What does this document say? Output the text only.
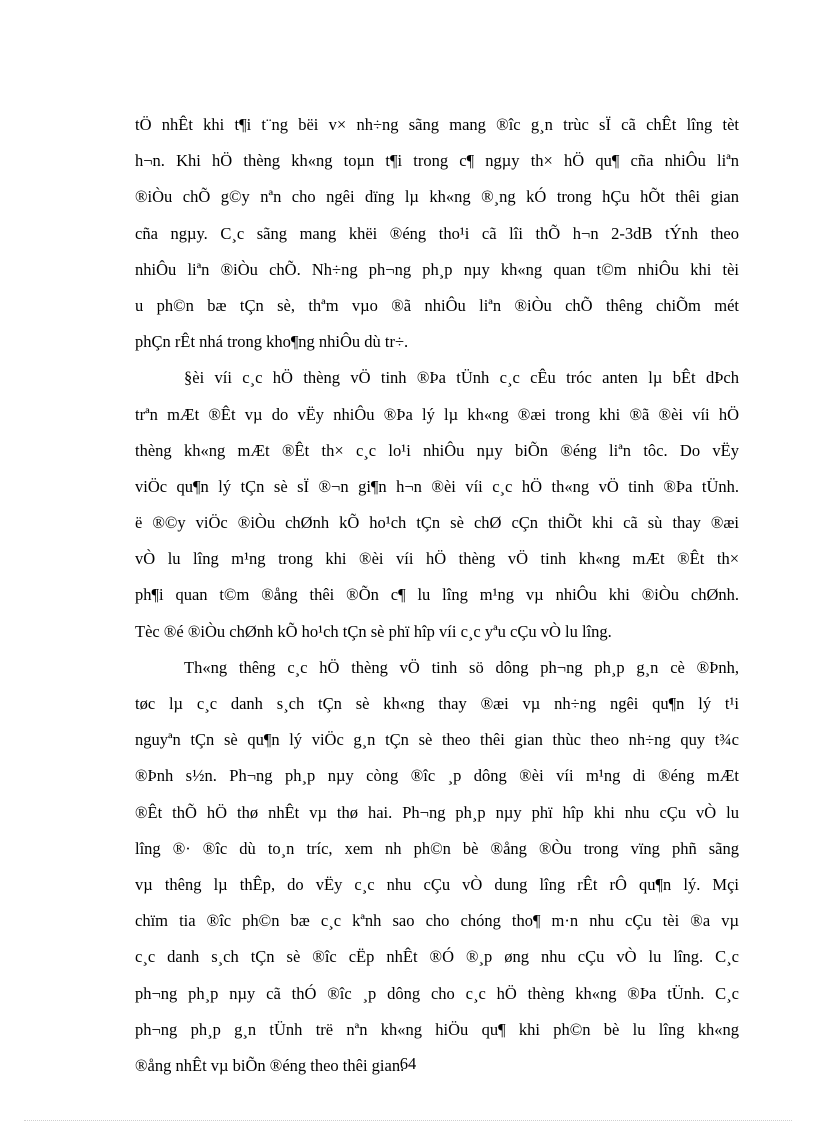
tÖ nhÊt khi t¶i t¨ng bëi v× nh÷ng sãng mang ®îc g¸n trùc sÏ cã chÊt lîng tèt
h¬n. Khi hÖ thèng kh«ng toµn t¶i trong c¶ ngµy th× hÖ qu¶ cña nhiÔu liªn
®iÒu chÕ g©y nªn cho ngêi dïng lµ kh«ng ®¸ng kÓ trong hÇu hÕt thêi gian
cña ngµy. C¸c sãng mang khëi ®éng tho¹i cã lîi thÕ h¬n 2-3dB tÝnh theo
nhiÔu liªn ®iÒu chÕ. Nh÷ng ph¬ng ph¸p nµy kh«ng quan t©m nhiÔu khi tèi
u ph©n bæ tÇn sè, thªm vµo ®ã nhiÔu liªn ®iÒu chÕ thêng chiÕm mét
phÇn rÊt nhá trong kho¶ng nhiÔu dù tr÷.
§èi víi c¸c hÖ thèng vÖ tinh ®Þa tÜnh c¸c cÊu tróc anten lµ bÊt dÞch
trªn mÆt ®Êt vµ do vËy nhiÔu ®Þa lý lµ kh«ng ®æi trong khi ®ã ®èi víi hÖ
thèng kh«ng mÆt ®Êt th× c¸c lo¹i nhiÔu nµy biÕn ®éng liªn tôc. Do vËy
viÖc qu¶n lý tÇn sè sÏ ®¬n gi¶n h¬n ®èi víi c¸c hÖ th«ng vÖ tinh ®Þa tÜnh.
ë ®©y viÖc ®iÒu chØnh kÕ ho¹ch tÇn sè chØ cÇn thiÕt khi cã sù thay ®æi
vÒ lu lîng m¹ng trong khi ®èi víi hÖ thèng vÖ tinh kh«ng mÆt ®Êt th×
ph¶i quan t©m ®ång thêi ®Õn c¶ lu lîng m¹ng vµ nhiÔu khi ®iÒu chØnh.
Tèc ®é ®iÒu chØnh kÕ ho¹ch tÇn sè phï hîp víi c¸c yªu cÇu vÒ lu lîng.
Th«ng thêng c¸c hÖ thèng vÖ tinh sö dông ph¬ng ph¸p g¸n cè ®Þnh,
tøc lµ c¸c danh s¸ch tÇn sè kh«ng thay ®æi vµ nh÷ng ngêi qu¶n lý t¹i
nguyªn tÇn sè qu¶n lý viÖc g¸n tÇn sè theo thêi gian thùc theo nh÷ng quy t¾c
®Þnh s½n. Ph¬ng ph¸p nµy còng ®îc ¸p dông ®èi víi m¹ng di ®éng mÆt
®Êt thÕ hÖ thø nhÊt vµ thø hai. Ph¬ng ph¸p nµy phï hîp khi nhu cÇu vÒ lu
lîng ®· ®îc dù to¸n tríc, xem nh ph©n bè ®ång ®Òu trong vïng phñ sãng
vµ thêng lµ thÊp, do vËy c¸c nhu cÇu vÒ dung lîng rÊt rÔ qu¶n lý. Mçi
chïm tia ®îc ph©n bæ c¸c kªnh sao cho chóng tho¶ m·n nhu cÇu tèi ®a vµ
c¸c danh s¸ch tÇn sè ®îc cËp nhÊt ®Ó ®¸p øng nhu cÇu vÒ lu lîng. C¸c
ph¬ng ph¸p nµy cã thÓ ®îc ¸p dông cho c¸c hÖ thèng kh«ng ®Þa tÜnh. C¸c
ph¬ng ph¸p g¸n tÜnh trë nªn kh«ng hiÖu qu¶ khi ph©n bè lu lîng kh«ng
®ång nhÊt vµ biÕn ®éng theo thêi gian.
64
